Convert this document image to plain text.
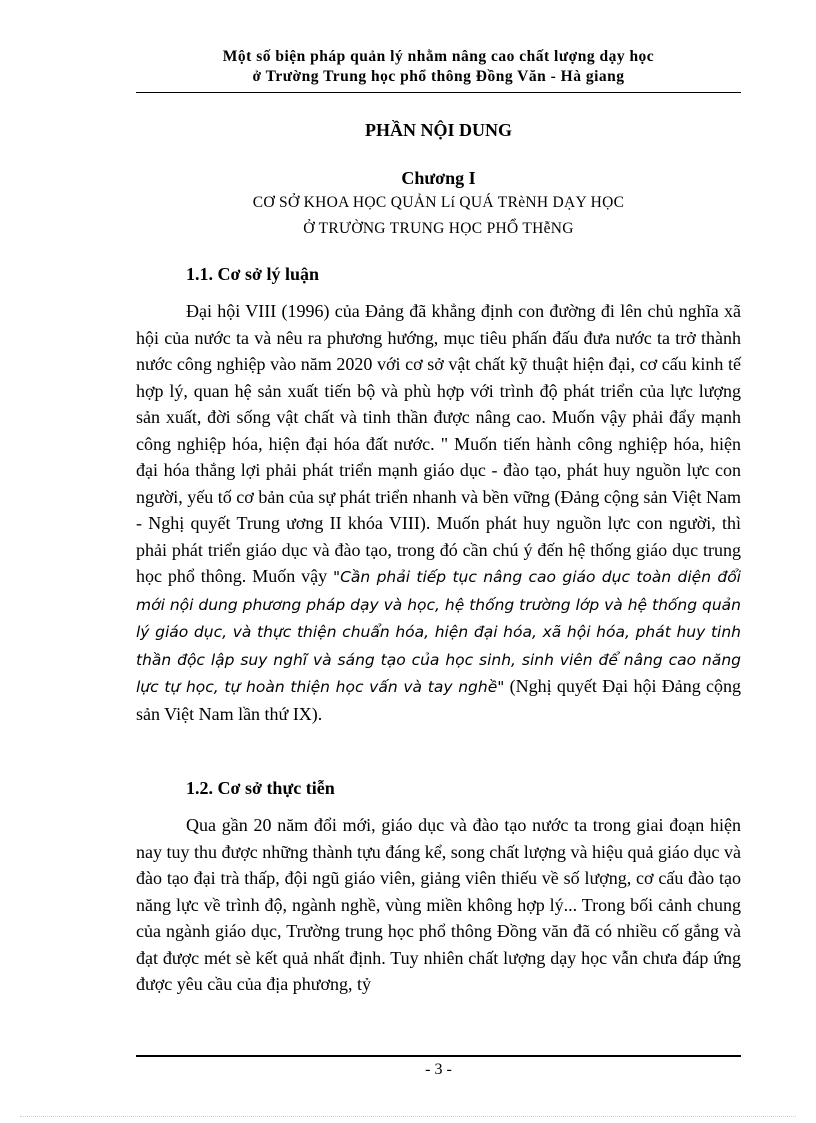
Một số biện pháp quản lý nhằm nâng cao chất lượng dạy học
ở Trường Trung học phổ thông Đồng Văn - Hà giang
PHẦN NỘI DUNG
Chương I
CƠ SỞ KHOA HỌC QUẢN Lí QUÁ TRèNH DẠY HỌC
Ở TRƯỜNG TRUNG HỌC PHỔ THễNG
1.1. Cơ sở lý luận

Đại hội VIII (1996) của Đảng đã khẳng định con đường đi lên chủ nghĩa xã hội của nước ta và nêu ra phương hướng, mục tiêu phấn đấu đưa nước ta trở thành nước công nghiệp vào năm 2020 với cơ sở vật chất kỹ thuật hiện đại, cơ cấu kinh tế hợp lý, quan hệ sản xuất tiến bộ và phù hợp với trình độ phát triển của lực lượng sản xuất, đời sống vật chất và tinh thần được nâng cao. Muốn vậy phải đẩy mạnh công nghiệp hóa, hiện đại hóa đất nước. " Muốn tiến hành công nghiệp hóa, hiện đại hóa thắng lợi phải phát triển mạnh giáo dục - đào tạo, phát huy nguồn lực con người, yếu tố cơ bản của sự phát triển nhanh và bền vững (Đảng cộng sản Việt Nam - Nghị quyết Trung ương II khóa VIII). Muốn phát huy nguồn lực con người, thì phải phát triển giáo dục và đào tạo, trong đó cần chú ý đến hệ thống giáo dục trung học phổ thông. Muốn vậy "Cần phải tiếp tục nâng cao giáo dục toàn diện đổi mới nội dung phương pháp dạy và học, hệ thống trường lớp và hệ thống quản lý giáo dục, và thực thiện chuẩn hóa, hiện đại hóa, xã hội hóa, phát huy tinh thần độc lập suy nghĩ và sáng tạo của học sinh, sinh viên để nâng cao năng lực tự học, tự hoàn thiện học vấn và tay nghề" (Nghị quyết Đại hội Đảng cộng sản Việt Nam lần thứ IX).

1.2. Cơ sở thực tiễn

Qua gần 20 năm đổi mới, giáo dục và đào tạo nước ta trong giai đoạn hiện nay tuy thu được những thành tựu đáng kể, song chất lượng và hiệu quả giáo dục và đào tạo đại trà thấp, đội ngũ giáo viên, giảng viên thiếu về số lượng, cơ cấu đào tạo năng lực về trình độ, ngành nghề, vùng miền không hợp lý... Trong bối cảnh chung của ngành giáo dục, Trường trung học phổ thông Đồng văn đã có nhiều cố gắng và đạt được mét sè kết quả nhất định. Tuy nhiên chất lượng dạy học vẫn chưa đáp ứng được yêu cầu của địa phương, tỷ

- 3 -
